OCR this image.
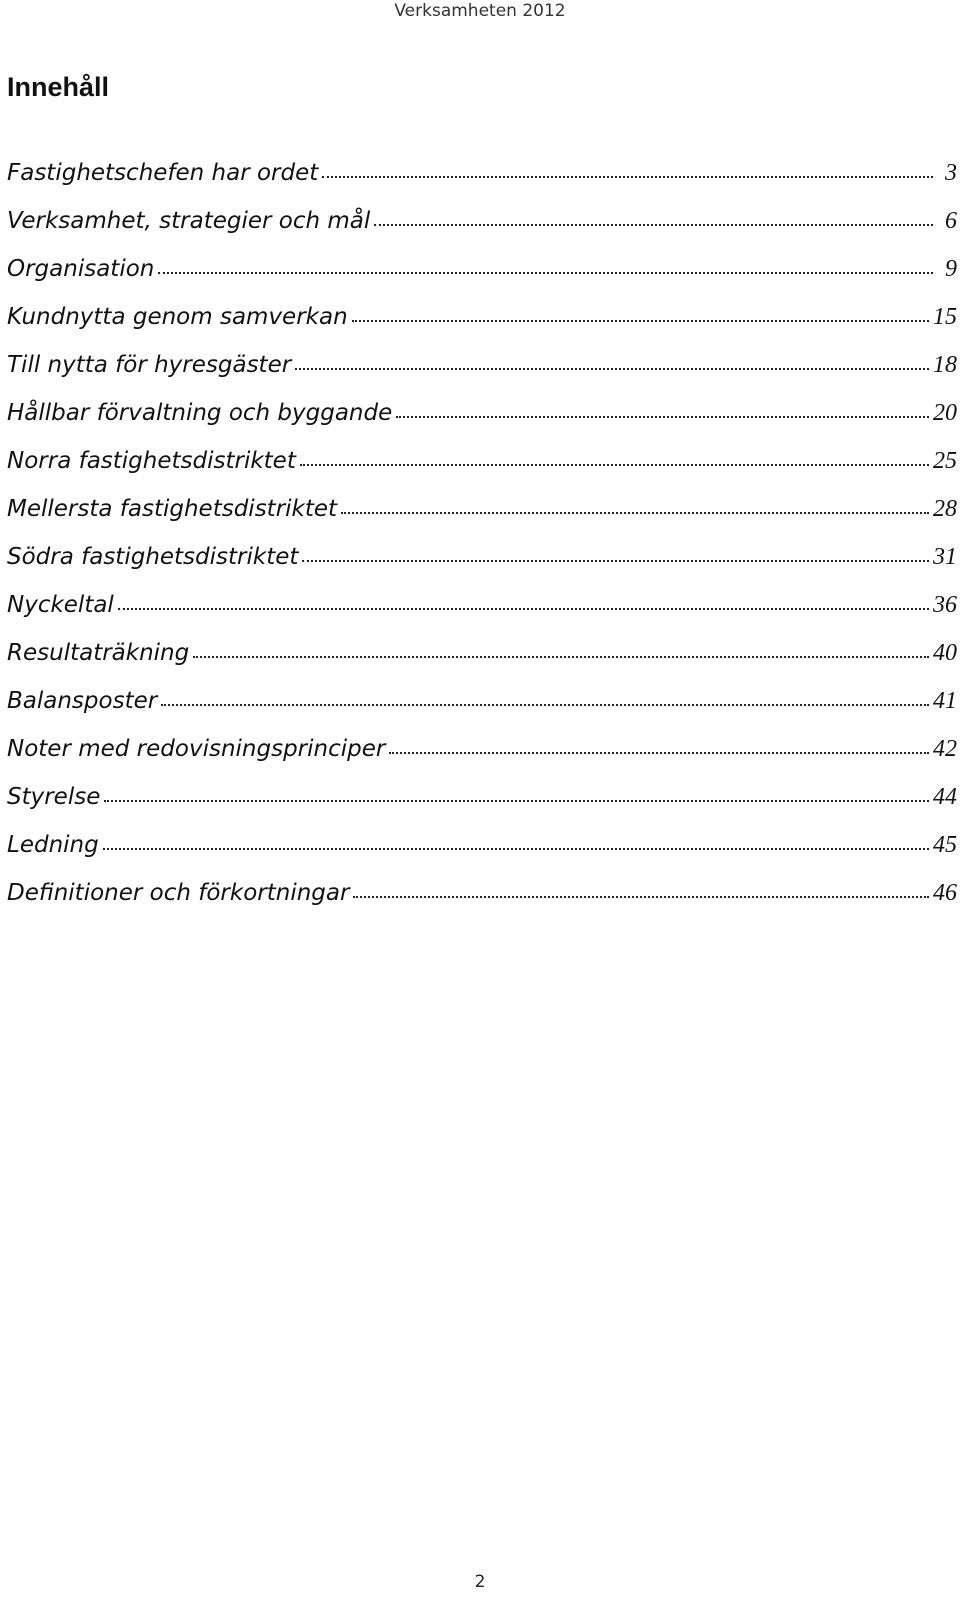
Verksamheten 2012
Innehåll
Fastighetschefen har ordet	3
Verksamhet, strategier och mål	6
Organisation	9
Kundnytta genom samverkan	15
Till nytta för hyresgäster	18
Hållbar förvaltning och byggande	20
Norra fastighetsdistriktet	25
Mellersta fastighetsdistriktet	28
Södra fastighetsdistriktet	31
Nyckeltal	36
Resultaträkning	40
Balansposter	41
Noter med redovisningsprinciper	42
Styrelse	44
Ledning	45
Definitioner och förkortningar	46
2
